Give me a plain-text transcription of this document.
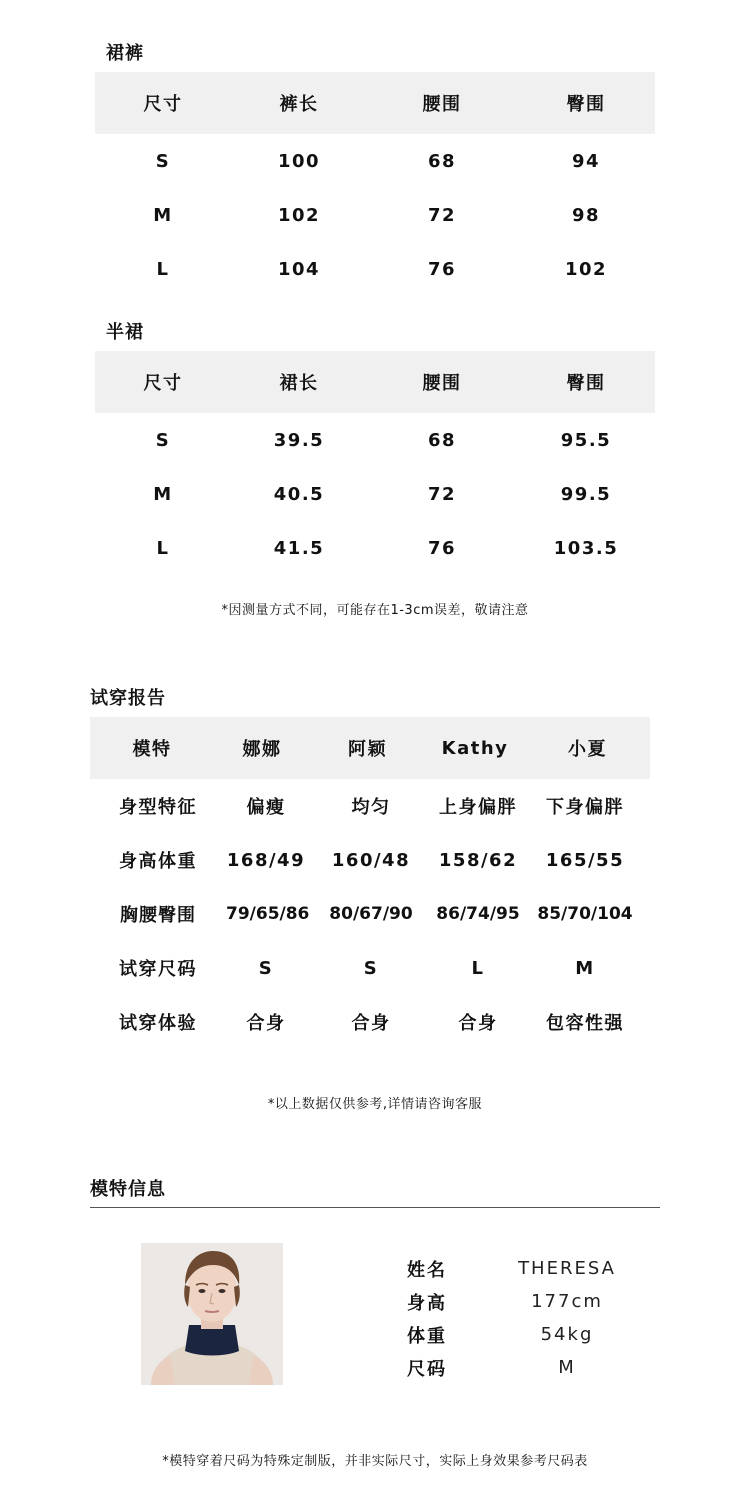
裙裤
尺寸	裤长	腰围	臀围
S	100	68	94
M	102	72	98
L	104	76	102
半裙
尺寸	裙长	腰围	臀围
S	39.5	68	95.5
M	40.5	72	99.5
L	41.5	76	103.5
*因测量方式不同，可能存在1-3cm误差，敬请注意
试穿报告
模特	娜娜	阿颖	Kathy	小夏
身型特征	偏瘦	均匀	上身偏胖	下身偏胖
身高体重	168/49	160/48	158/62	165/55
胸腰臀围	79/65/86	80/67/90	86/74/95	85/70/104
试穿尺码	S	S	L	M
试穿体验	合身	合身	合身	包容性强
*以上数据仅供参考,详情请咨询客服
模特信息
姓名	THERESA
身高	177cm
体重	54kg
尺码	M
*模特穿着尺码为特殊定制版，并非实际尺寸，实际上身效果参考尺码表
